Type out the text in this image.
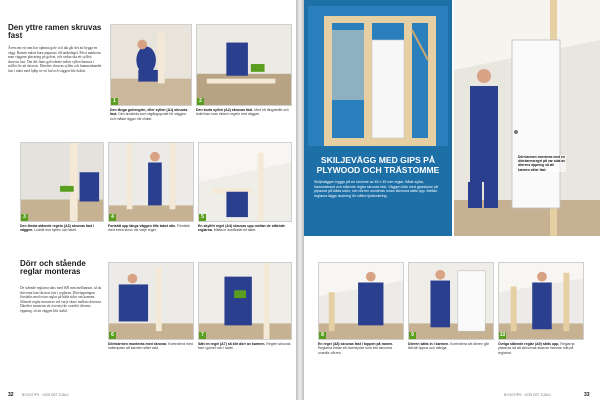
Den yttre ramen skruvas fast
Även om ett rum har ojämna golv och tak går det att bygga en vägg. Ramen måste bara anpassas till underlaget. Först markerar man väggens placering på golvet, och sedan ska ett syllträ skruvas fast. Om det finns golvvärme måste syllen limmas i stället för att skruvas. Därefter skruvas syllen och hammarbandet fast i taket med hjälp av ett lod och väggen blir lodrät.
1	2
Den långa golvregeln, eller syllen (A1) skruvas fast. Den används som utgångspunkt för väggen och måste ligga i rät vinkel.
Den korta syllen (A2) skruvas fast. Med ett längdmått och lodet kan man rikta in regeln mot väggen.
3	4	5
Den första stående regeln (A3) skruvas fast i väggen. Lodrät mot syllen och taket.
Fortsätt upp längs väggen tills taket nås. Förstärk med extra skruv vid varje regel.
En skyltfri regel (A4) skruvas upp mellan de stående reglarna. Mätta in avståndet till taket.
Dörr och stående reglar monteras
De stående reglarna sätts med 600 mm mellanrum, så att skivorna kan skruvas fast i reglarna. Dörröppningen förstärks med extra reglar på båda sidor om karmen. Stående reglar monteras vid varje skarv mellan skivorna. Därefter monteras ett överstycke ovanför dörrens öppning, så att väggen blir stabil.
6	7
Dörrkarmen monteras med skruvar. Kontrollera med vattenpass att karmen sitter rakt.
Sätt en regel (A7) så blir dörr av karmen. Regeln skruvas fast i golvet och i taket.
32 BYGGTIPS · GÖR DET SJÄLV
SKILJEVÄGG MED GIPS PÅ PLYWOOD OCH TRÄSTOMME
Skiljeväggen byggs på en stomme av 45 x 45 mm reglar. Både syllar, hammarband och stående reglar skruvas fast. Väggen kläs med gipsskivor på plywood på båda sidor, och dörren monteras innan skivorna sätts upp. Mellan reglarna läggs isolering för bättre ljudisolering.
Dörrkarmen monteras med en dörrkarmsregel på var sida av dörrens öppning så att karmen sitter fast.
8	9	10
En regel (A8) skruvas fast i toppen på ramen. Reglarna bildar ett överstycke som bär skivorna ovanför dörren.
Dörren sätts in i karmen. Kontrollera att dörren går lätt att öppna och stänga.
Övriga stående reglar (A9) sätts upp. Reglarna placeras så att skivornas skarvar hamnar mitt på reglarna.
BYGGTIPS · GÖR DET SJÄLV	33
